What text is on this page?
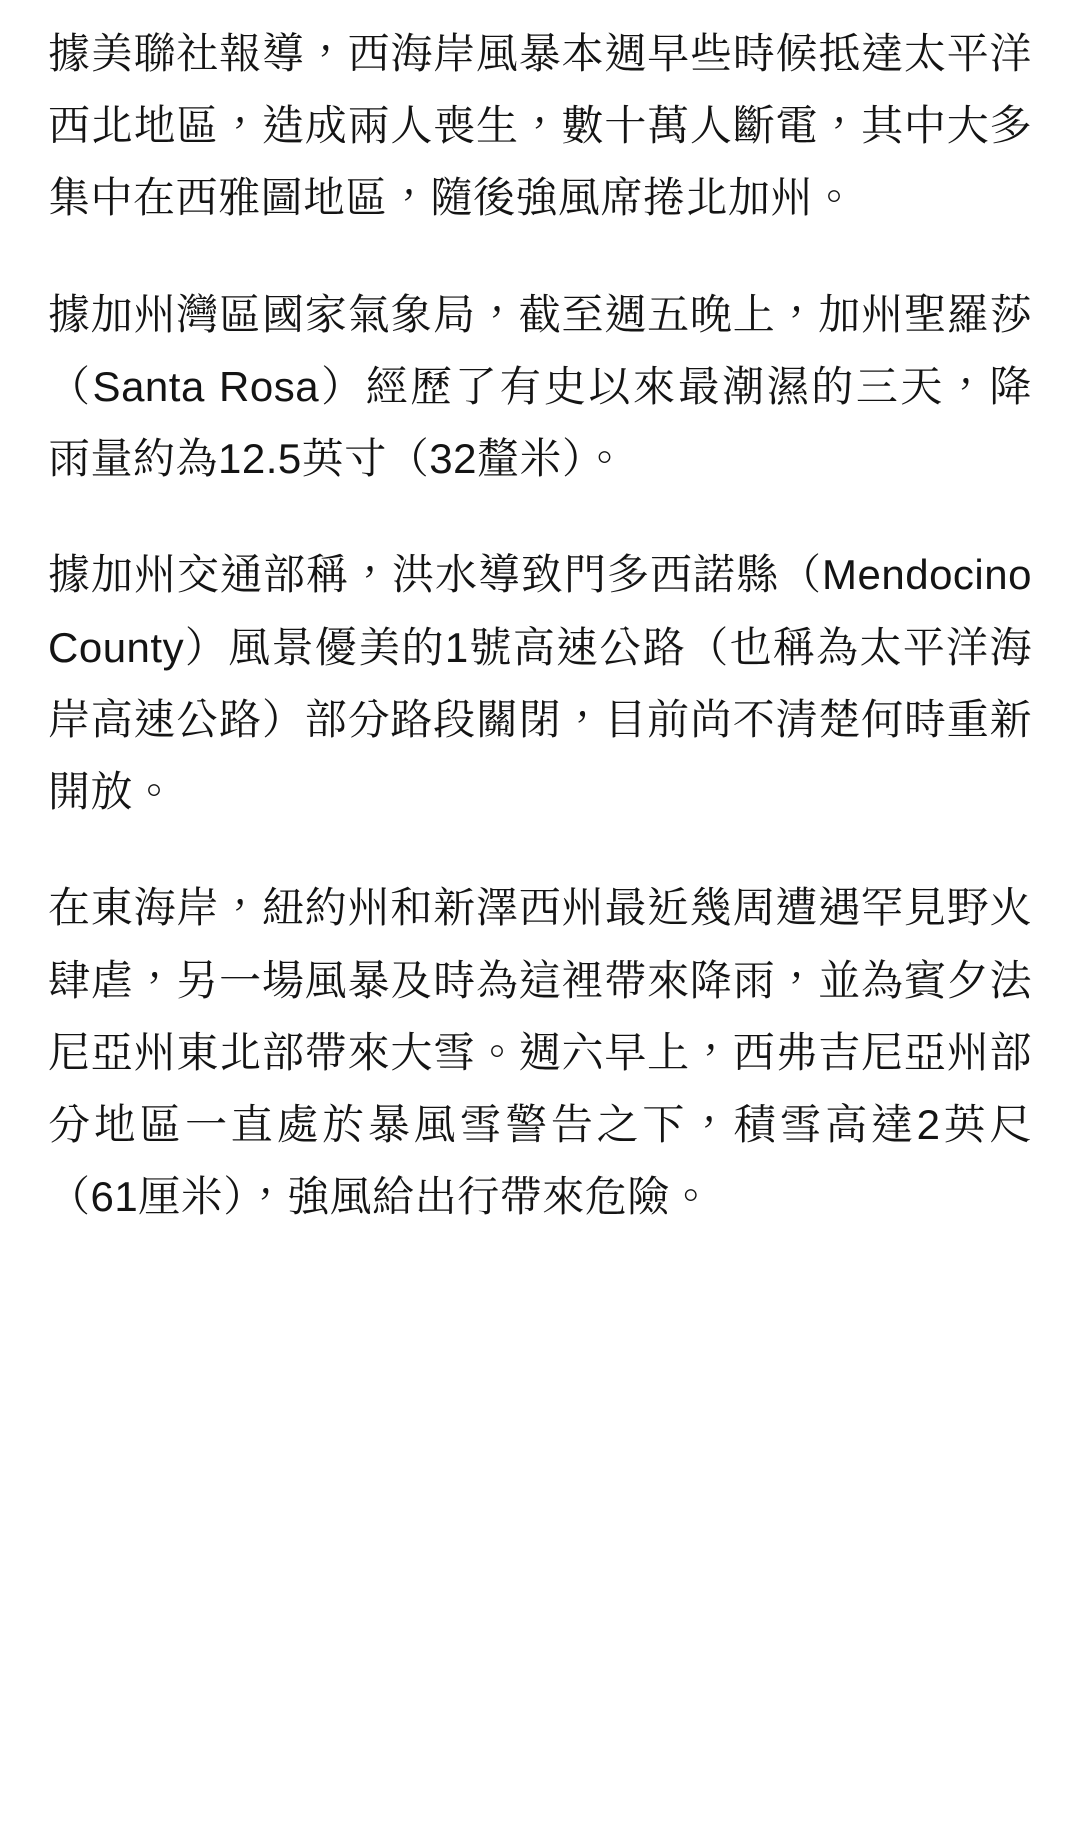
據美聯社報導，西海岸風暴本週早些時候抵達太平洋西北地區，造成兩人喪生，數十萬人斷電，其中大多集中在西雅圖地區，隨後強風席捲北加州。

據加州灣區國家氣象局，截至週五晚上，加州聖羅莎（Santa Rosa）經歷了有史以來最潮濕的三天，降雨量約為12.5英寸（32釐米）。

據加州交通部稱，洪水導致門多西諾縣（Mendocino County）風景優美的1號高速公路（也稱為太平洋海岸高速公路）部分路段關閉，目前尚不清楚何時重新開放。

在東海岸，紐約州和新澤西州最近幾周遭遇罕見野火肆虐，另一場風暴及時為這裡帶來降雨，並為賓夕法尼亞州東北部帶來大雪。週六早上，西弗吉尼亞州部分地區一直處於暴風雪警告之下，積雪高達2英尺（61厘米），強風給出行帶來危險。
